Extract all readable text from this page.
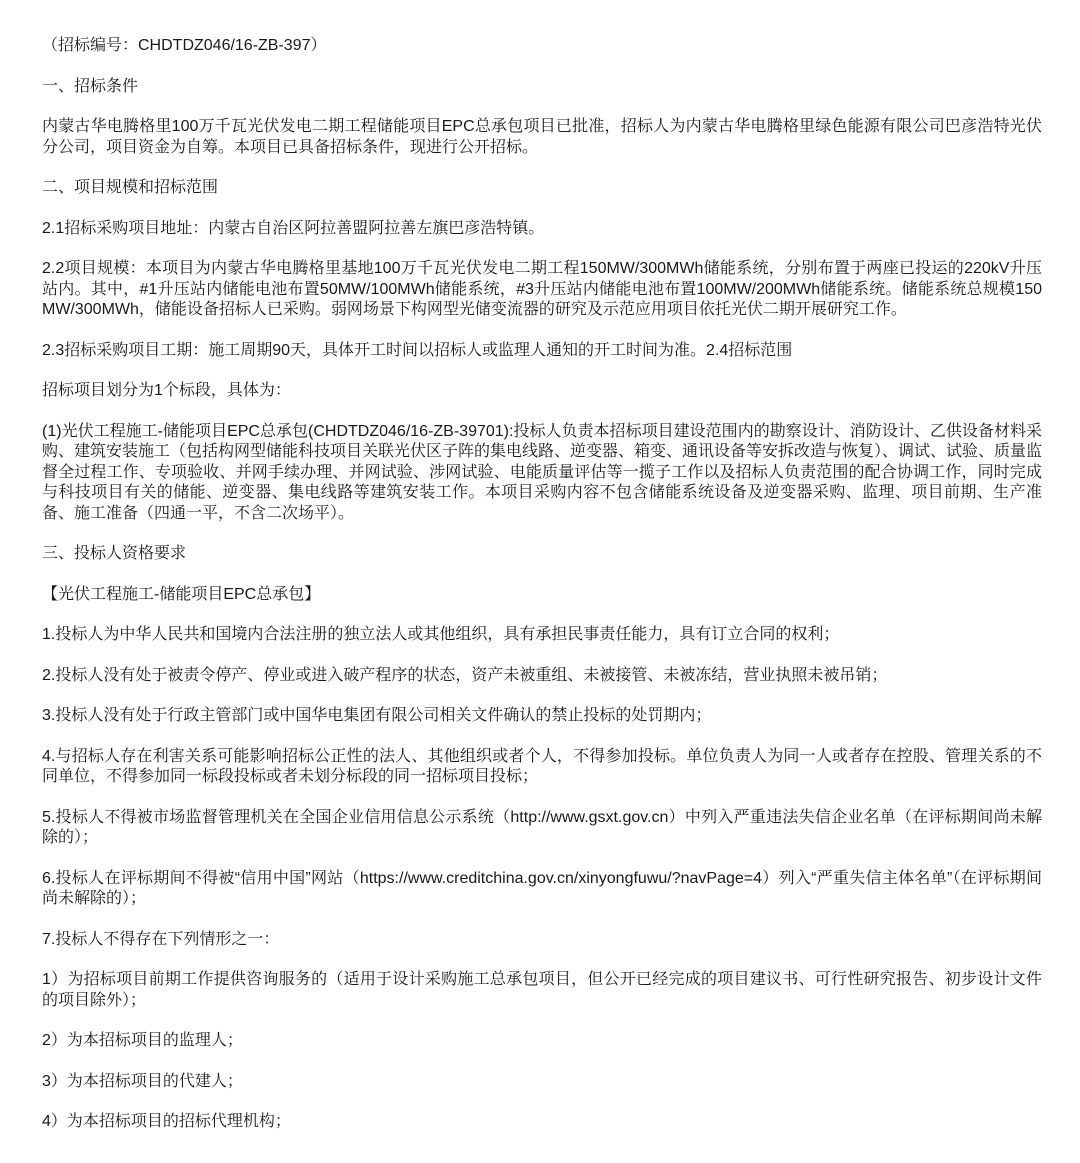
（招标编号：CHDTDZ046/16-ZB-397）

一、招标条件

内蒙古华电腾格里100万千瓦光伏发电二期工程储能项目EPC总承包项目已批准，招标人为内蒙古华电腾格里绿色能源有限公司巴彦浩特光伏分公司，项目资金为自筹。本项目已具备招标条件，现进行公开招标。

二、项目规模和招标范围

2.1招标采购项目地址：内蒙古自治区阿拉善盟阿拉善左旗巴彦浩特镇。

2.2项目规模：本项目为内蒙古华电腾格里基地100万千瓦光伏发电二期工程150MW/300MWh储能系统，分别布置于两座已投运的220kV升压站内。其中，#1升压站内储能电池布置50MW/100MWh储能系统，#3升压站内储能电池布置100MW/200MWh储能系统。储能系统总规模150MW/300MWh，储能设备招标人已采购。弱网场景下构网型光储变流器的研究及示范应用项目依托光伏二期开展研究工作。

2.3招标采购项目工期：施工周期90天，具体开工时间以招标人或监理人通知的开工时间为准。2.4招标范围

招标项目划分为1个标段，具体为：

(1)光伏工程施工-储能项目EPC总承包(CHDTDZ046/16-ZB-39701):投标人负责本招标项目建设范围内的勘察设计、消防设计、乙供设备材料采购、建筑安装施工（包括构网型储能科技项目关联光伏区子阵的集电线路、逆变器、箱变、通讯设备等安拆改造与恢复）、调试、试验、质量监督全过程工作、专项验收、并网手续办理、并网试验、涉网试验、电能质量评估等一揽子工作以及招标人负责范围的配合协调工作，同时完成与科技项目有关的储能、逆变器、集电线路等建筑安装工作。本项目采购内容不包含储能系统设备及逆变器采购、监理、项目前期、生产准备、施工准备（四通一平，不含二次场平）。

三、投标人资格要求

【光伏工程施工-储能项目EPC总承包】

1.投标人为中华人民共和国境内合法注册的独立法人或其他组织，具有承担民事责任能力，具有订立合同的权利；

2.投标人没有处于被责令停产、停业或进入破产程序的状态，资产未被重组、未被接管、未被冻结，营业执照未被吊销；

3.投标人没有处于行政主管部门或中国华电集团有限公司相关文件确认的禁止投标的处罚期内；

4.与招标人存在利害关系可能影响招标公正性的法人、其他组织或者个人，不得参加投标。单位负责人为同一人或者存在控股、管理关系的不同单位，不得参加同一标段投标或者未划分标段的同一招标项目投标；

5.投标人不得被市场监督管理机关在全国企业信用信息公示系统（http://www.gsxt.gov.cn）中列入严重违法失信企业名单（在评标期间尚未解除的）；

6.投标人在评标期间不得被“信用中国”网站（https://www.creditchina.gov.cn/xinyongfuwu/?navPage=4）列入“严重失信主体名单”（在评标期间尚未解除的）；

7.投标人不得存在下列情形之一：

1）为招标项目前期工作提供咨询服务的（适用于设计采购施工总承包项目，但公开已经完成的项目建议书、可行性研究报告、初步设计文件的项目除外）；

2）为本招标项目的监理人；

3）为本招标项目的代建人；

4）为本招标项目的招标代理机构；
